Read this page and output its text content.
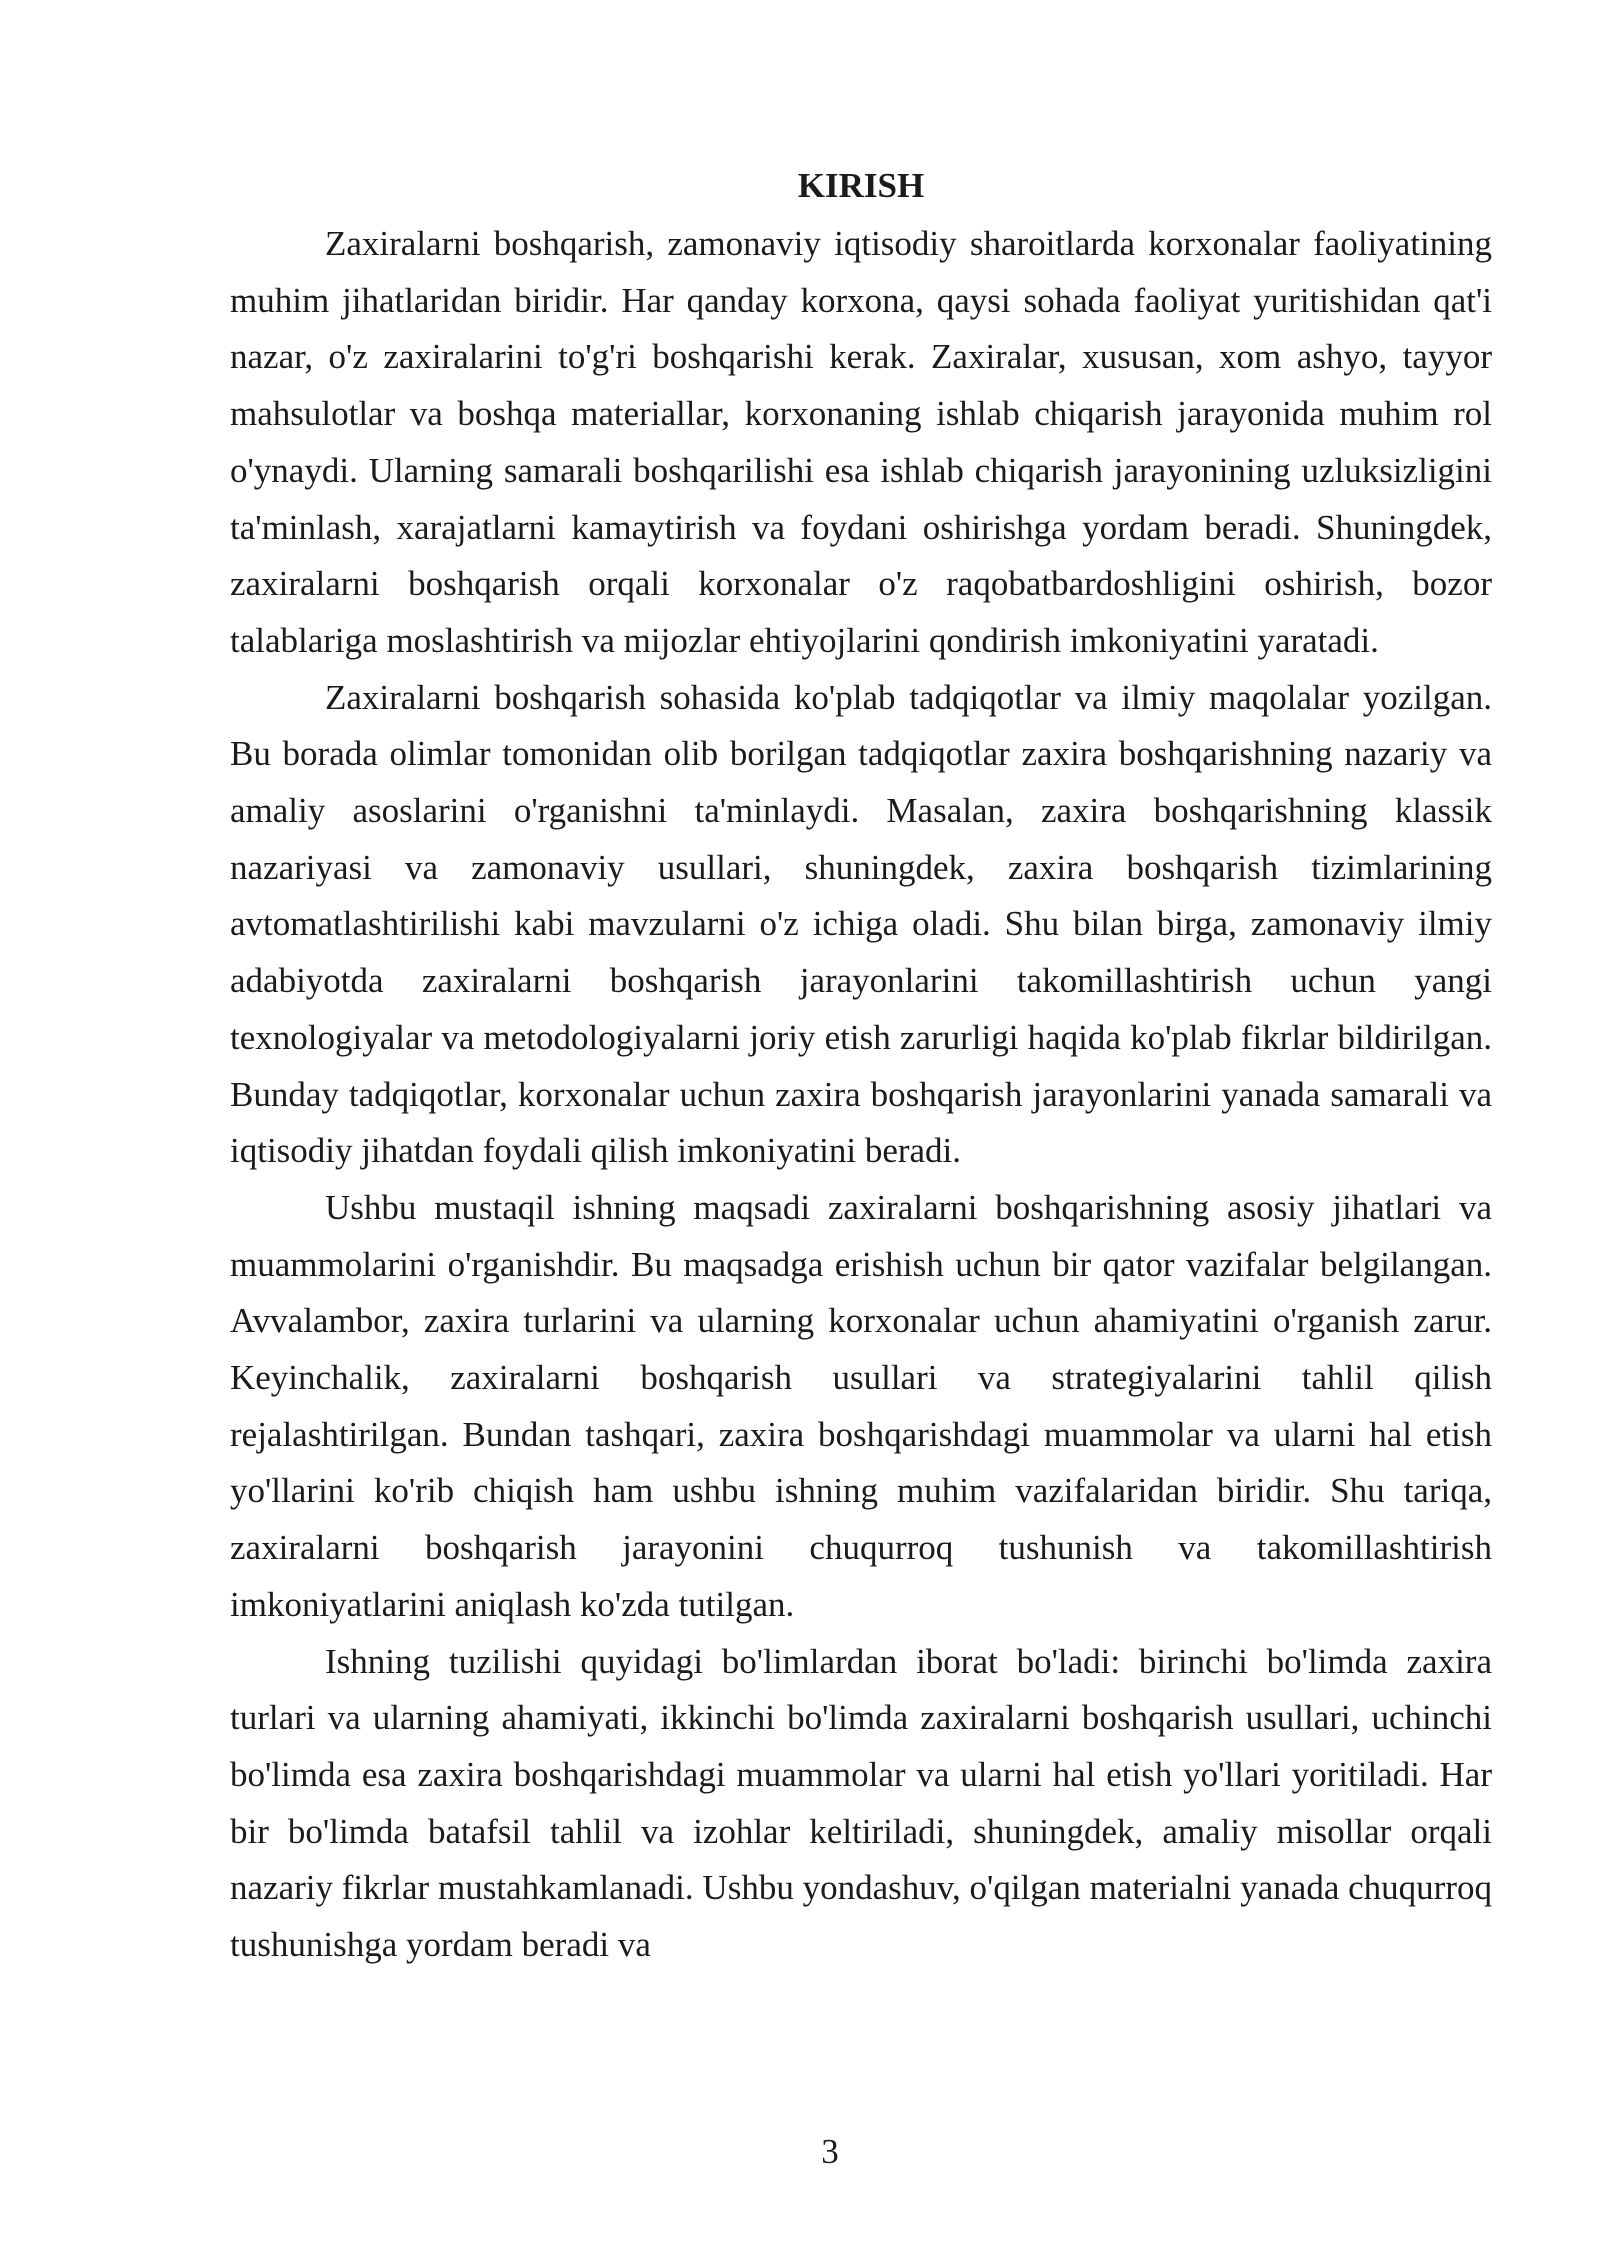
KIRISH

Zaxiralarni boshqarish, zamonaviy iqtisodiy sharoitlarda korxonalar faoliyatining muhim jihatlaridan biridir. Har qanday korxona, qaysi sohada faoliyat yuritishidan qat'i nazar, o'z zaxiralarini to'g'ri boshqarishi kerak. Zaxiralar, xususan, xom ashyo, tayyor mahsulotlar va boshqa materiallar, korxonaning ishlab chiqarish jarayonida muhim rol o'ynaydi. Ularning samarali boshqarilishi esa ishlab chiqarish jarayonining uzluksizligini ta'minlash, xarajatlarni kamaytirish va foydani oshirishga yordam beradi. Shuningdek, zaxiralarni boshqarish orqali korxonalar o'z raqobatbardoshligini oshirish, bozor talablariga moslashtirish va mijozlar ehtiyojlarini qondirish imkoniyatini yaratadi.

Zaxiralarni boshqarish sohasida ko'plab tadqiqotlar va ilmiy maqolalar yozilgan. Bu borada olimlar tomonidan olib borilgan tadqiqotlar zaxira boshqarishning nazariy va amaliy asoslarini o'rganishni ta'minlaydi. Masalan, zaxira boshqarishning klassik nazariyasi va zamonaviy usullari, shuningdek, zaxira boshqarish tizimlarining avtomatlashtirilishi kabi mavzularni o'z ichiga oladi. Shu bilan birga, zamonaviy ilmiy adabiyotda zaxiralarni boshqarish jarayonlarini takomillashtirish uchun yangi texnologiyalar va metodologiyalarni joriy etish zarurligi haqida ko'plab fikrlar bildirilgan. Bunday tadqiqotlar, korxonalar uchun zaxira boshqarish jarayonlarini yanada samarali va iqtisodiy jihatdan foydali qilish imkoniyatini beradi.

Ushbu mustaqil ishning maqsadi zaxiralarni boshqarishning asosiy jihatlari va muammolarini o'rganishdir. Bu maqsadga erishish uchun bir qator vazifalar belgilangan. Avvalambor, zaxira turlarini va ularning korxonalar uchun ahamiyatini o'rganish zarur. Keyinchalik, zaxiralarni boshqarish usullari va strategiyalarini tahlil qilish rejalashtirilgan. Bundan tashqari, zaxira boshqarishdagi muammolar va ularni hal etish yo'llarini ko'rib chiqish ham ushbu ishning muhim vazifalaridan biridir. Shu tariqa, zaxiralarni boshqarish jarayonini chuqurroq tushunish va takomillashtirish imkoniyatlarini aniqlash ko'zda tutilgan.

Ishning tuzilishi quyidagi bo'limlardan iborat bo'ladi: birinchi bo'limda zaxira turlari va ularning ahamiyati, ikkinchi bo'limda zaxiralarni boshqarish usullari, uchinchi bo'limda esa zaxira boshqarishdagi muammolar va ularni hal etish yo'llari yoritiladi. Har bir bo'limda batafsil tahlil va izohlar keltiriladi, shuningdek, amaliy misollar orqali nazariy fikrlar mustahkamlanadi. Ushbu yondashuv, o'qilgan materialni yanada chuqurroq tushunishga yordam beradi va

3
